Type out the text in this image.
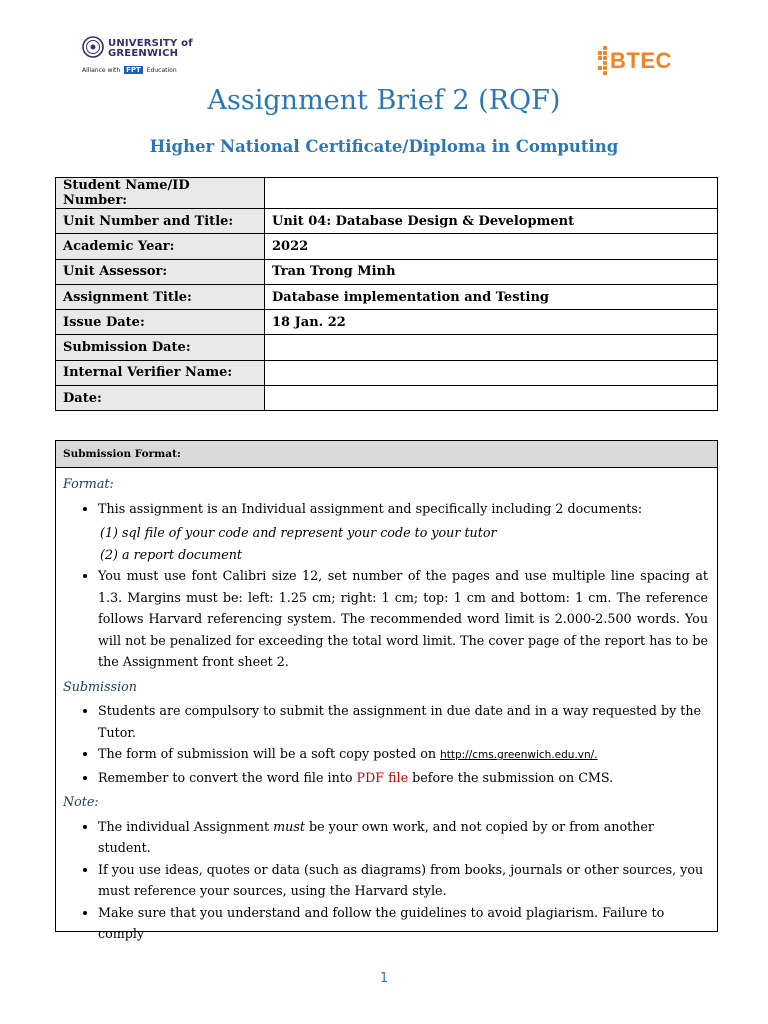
UNIVERSITY of
GREENWICH
Alliance with FPT Education	BTEC
Assignment Brief 2 (RQF)
Higher National Certificate/Diploma in Computing
Student Name/ID Number:	
Unit Number and Title:	Unit 04: Database Design & Development
Academic Year:	2022
Unit Assessor:	Tran Trong Minh
Assignment Title:	Database implementation and Testing
Issue Date:	18 Jan. 22
Submission Date:	
Internal Verifier Name:	
Date:	
Submission Format:

Format:

• This assignment is an Individual assignment and specifically including 2 documents:
(1) sql file of your code and represent your code to your tutor
(2) a report document
• You must use font Calibri size 12, set number of the pages and use multiple line spacing at 1.3. Margins must be: left: 1.25 cm; right: 1 cm; top: 1 cm and bottom: 1 cm. The reference follows Harvard referencing system. The recommended word limit is 2.000-2.500 words. You will not be penalized for exceeding the total word limit. The cover page of the report has to be the Assignment front sheet 2.

Submission

• Students are compulsory to submit the assignment in due date and in a way requested by the Tutor.
• The form of submission will be a soft copy posted on http://cms.greenwich.edu.vn/.
• Remember to convert the word file into PDF file before the submission on CMS.

Note:

• The individual Assignment must be your own work, and not copied by or from another student.
• If you use ideas, quotes or data (such as diagrams) from books, journals or other sources, you must reference your sources, using the Harvard style.
• Make sure that you understand and follow the guidelines to avoid plagiarism. Failure to comply
1
